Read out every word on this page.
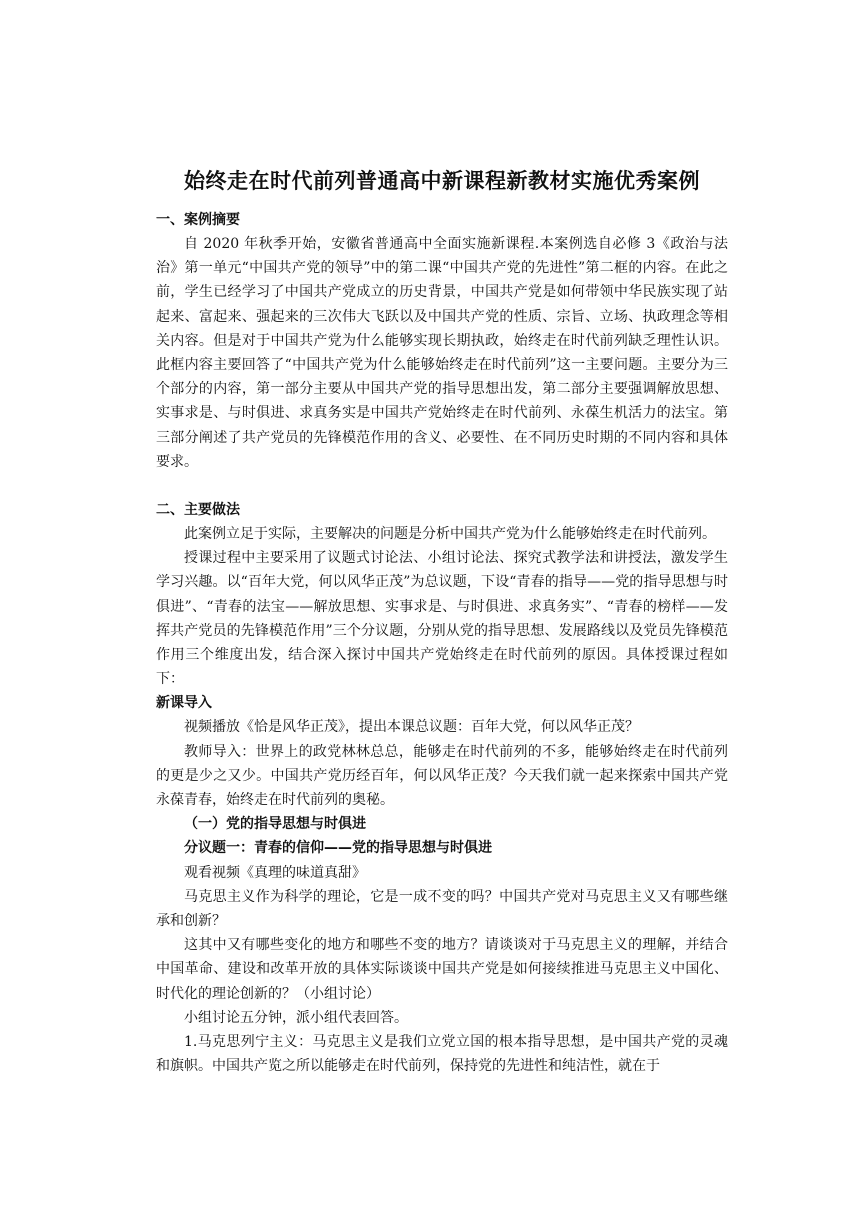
始终走在时代前列普通高中新课程新教材实施优秀案例
一、案例摘要

自 2020 年秋季开始，安徽省普通高中全面实施新课程.本案例选自必修 3《政治与法治》第一单元“中国共产党的领导”中的第二课“中国共产党的先进性”第二框的内容。在此之前，学生已经学习了中国共产党成立的历史背景，中国共产党是如何带领中华民族实现了站起来、富起来、强起来的三次伟大飞跃以及中国共产党的性质、宗旨、立场、执政理念等相关内容。但是对于中国共产党为什么能够实现长期执政，始终走在时代前列缺乏理性认识。此框内容主要回答了“中国共产党为什么能够始终走在时代前列”这一主要问题。主要分为三个部分的内容，第一部分主要从中国共产党的指导思想出发，第二部分主要强调解放思想、实事求是、与时俱进、求真务实是中国共产党始终走在时代前列、永葆生机活力的法宝。第三部分阐述了共产党员的先锋模范作用的含义、必要性、在不同历史时期的不同内容和具体要求。

二、主要做法

此案例立足于实际，主要解决的问题是分析中国共产党为什么能够始终走在时代前列。

授课过程中主要采用了议题式讨论法、小组讨论法、探究式教学法和讲授法，激发学生学习兴趣。以“百年大党，何以风华正茂”为总议题，下设“青春的指导——党的指导思想与时俱进”、“青春的法宝——解放思想、实事求是、与时俱进、求真务实”、“青春的榜样——发挥共产党员的先锋模范作用”三个分议题，分别从党的指导思想、发展路线以及党员先锋模范作用三个维度出发，结合深入探讨中国共产党始终走在时代前列的原因。具体授课过程如下：

新课导入

视频播放《恰是风华正茂》，提出本课总议题：百年大党，何以风华正茂？

教师导入：世界上的政党林林总总，能够走在时代前列的不多，能够始终走在时代前列的更是少之又少。中国共产党历经百年，何以风华正茂？今天我们就一起来探索中国共产党永葆青春，始终走在时代前列的奥秘。

（一）党的指导思想与时俱进

分议题一：青春的信仰——党的指导思想与时俱进

观看视频《真理的味道真甜》

马克思主义作为科学的理论，它是一成不变的吗？中国共产党对马克思主义又有哪些继承和创新？

这其中又有哪些变化的地方和哪些不变的地方？请谈谈对于马克思主义的理解，并结合中国革命、建设和改革开放的具体实际谈谈中国共产党是如何接续推进马克思主义中国化、时代化的理论创新的？（小组讨论）

小组讨论五分钟，派小组代表回答。

1.马克思列宁主义：马克思主义是我们立党立国的根本指导思想，是中国共产党的灵魂和旗帜。中国共产览之所以能够走在时代前列，保持党的先进性和纯洁性，就在于
